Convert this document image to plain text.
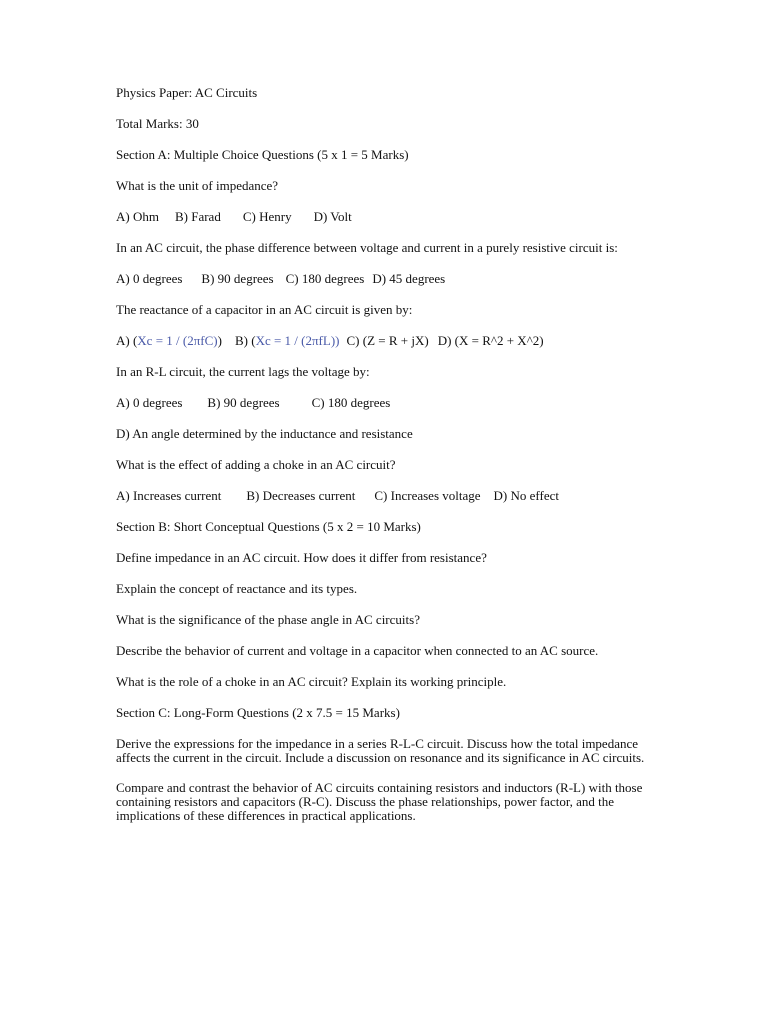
Physics Paper: AC Circuits
Total Marks: 30
Section A: Multiple Choice Questions (5 x 1 = 5 Marks)
What is the unit of impedance?
A) Ohm B) Farad C) Henry D) Volt
In an AC circuit, the phase difference between voltage and current in a purely resistive circuit is:
A) 0 degrees B) 90 degrees C) 180 degrees D) 45 degrees
The reactance of a capacitor in an AC circuit is given by:
A) (Xc = 1 / (2πfC)) B) (Xc = 1 / (2πfL)) C) (Z = R + jX) D) (X = R^2 + X^2)
In an R-L circuit, the current lags the voltage by:
A) 0 degrees B) 90 degrees C) 180 degrees
D) An angle determined by the inductance and resistance
What is the effect of adding a choke in an AC circuit?
A) Increases current B) Decreases current C) Increases voltage D) No effect
Section B: Short Conceptual Questions (5 x 2 = 10 Marks)
Define impedance in an AC circuit. How does it differ from resistance?
Explain the concept of reactance and its types.
What is the significance of the phase angle in AC circuits?
Describe the behavior of current and voltage in a capacitor when connected to an AC source.
What is the role of a choke in an AC circuit? Explain its working principle.
Section C: Long-Form Questions (2 x 7.5 = 15 Marks)
Derive the expressions for the impedance in a series R-L-C circuit. Discuss how the total impedance affects the current in the circuit. Include a discussion on resonance and its significance in AC circuits.
Compare and contrast the behavior of AC circuits containing resistors and inductors (R-L) with those containing resistors and capacitors (R-C). Discuss the phase relationships, power factor, and the implications of these differences in practical applications.
